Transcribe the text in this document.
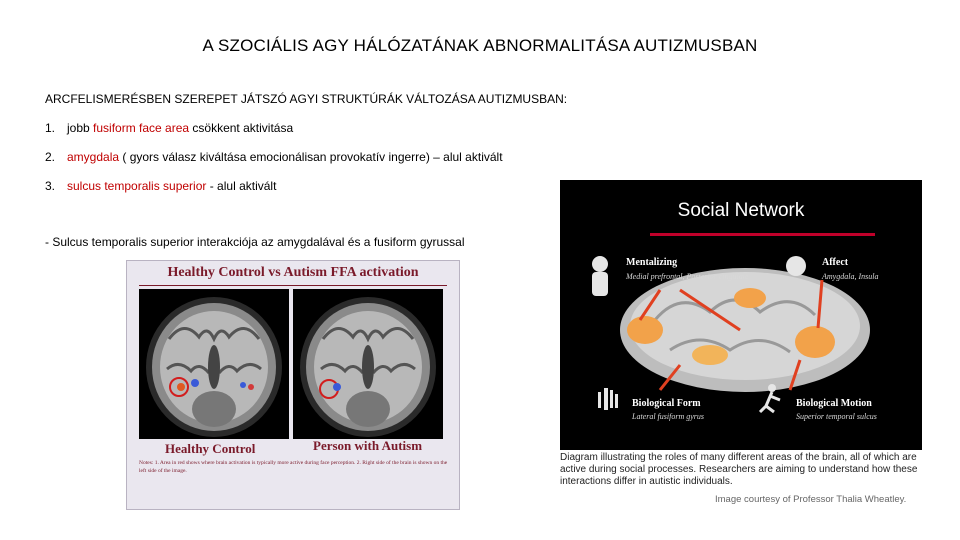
A SZOCIÁLIS AGY HÁLÓZATÁNAK ABNORMALITÁSA AUTIZMUSBAN
ARCFELISMERÉSBEN SZEREPET JÁTSZÓ AGYI STRUKTÚRÁK VÁLTOZÁSA AUTIZMUSBAN:
1. jobb fusiform face area csökkent aktivitása
2. amygdala ( gyors válasz kiváltása emocionálisan provokatív ingerre) – alul aktivált
3. sulcus temporalis superior - alul aktivált
- Sulcus temporalis superior interakciója az amygdalával és a fusiform gyrussal
Healthy Control vs Autism FFA activation
Healthy Control	Person with Autism
Notes: 1. Area in red shows where brain activation is typically more active during face perception. 2. Right side of the brain is shown on the left side of the image.
Social Network
Mentalizing
Medial prefrontal, Posterior cingulate
Affect
Amygdala, Insula
Biological Form
Lateral fusiform gyrus
Biological Motion
Superior temporal sulcus
Diagram illustrating the roles of many different areas of the brain, all of which are active during social processes. Researchers are aiming to understand how these interactions differ in autistic individuals.
Image courtesy of Professor Thalia Wheatley.
